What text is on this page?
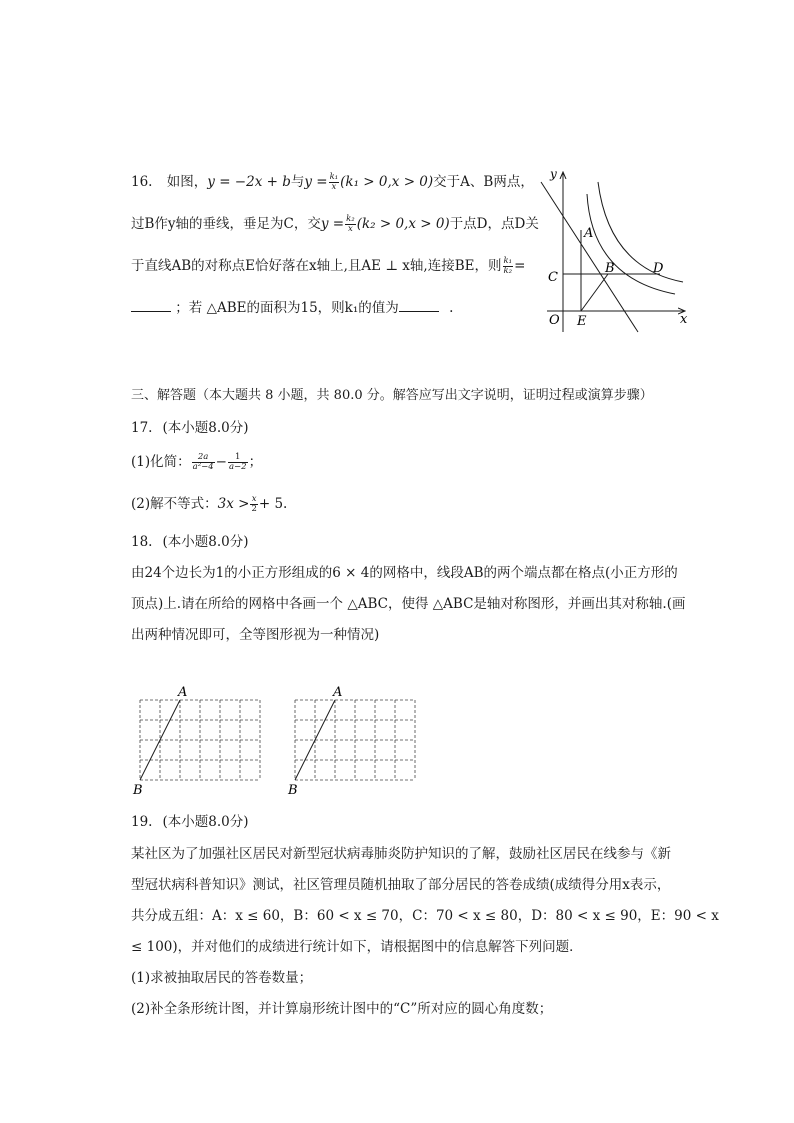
16. 如图，y = −2x + b与$y = \frac{\text{k₁}}{x} (k_1 > 0,x > 0)$交于A、B两点，
过B作y轴的垂线，垂足为C，交$y = \frac{\text{k₂}}{x} (k_2 > 0,x > 0)$于点D，点D关
于直线AB的对称点E恰好落在x轴上,且AE ⊥ x轴,连接BE，则 $\frac{\text{k₁}}{\text{k₂}}$ =
；若 △ABE的面积为15，则k₁的值为	.
y
A
C
B	D
O E	x
三、解答题（本大题共 8 小题，共 80.0 分。解答应写出文字说明，证明过程或演算步骤）
17. (本小题8.0分)
(1)化简： $\frac{2a}{\text{a²−4}} - \frac{1}{a-2}$ ；
(2)解不等式：$3x > \frac{x}{2} + 5$.
18. (本小题8.0分)
由24个边长为1的小正方形组成的6 × 4的网格中，线段AB的两个端点都在格点(小正方形的
顶点)上.请在所给的网格中各画一个 △ABC，使得 △ABC是轴对称图形，并画出其对称轴.(画
出两种情况即可，全等图形视为一种情况)
A
B
A
B
19. (本小题8.0分)
某社区为了加强社区居民对新型冠状病毒肺炎防护知识的了解，鼓励社区居民在线参与《新
型冠状病科普知识》测试，社区管理员随机抽取了部分居民的答卷成绩(成绩得分用x表示，
共分成五组：A：x ≤ 60，B：60 < x ≤ 70，C：70 < x ≤ 80，D：80 < x ≤ 90，E：90 < x
≤ 100)，并对他们的成绩进行统计如下，请根据图中的信息解答下列问题．
(1)求被抽取居民的答卷数量；
(2)补全条形统计图，并计算扇形统计图中的“C”所对应的圆心角度数；
